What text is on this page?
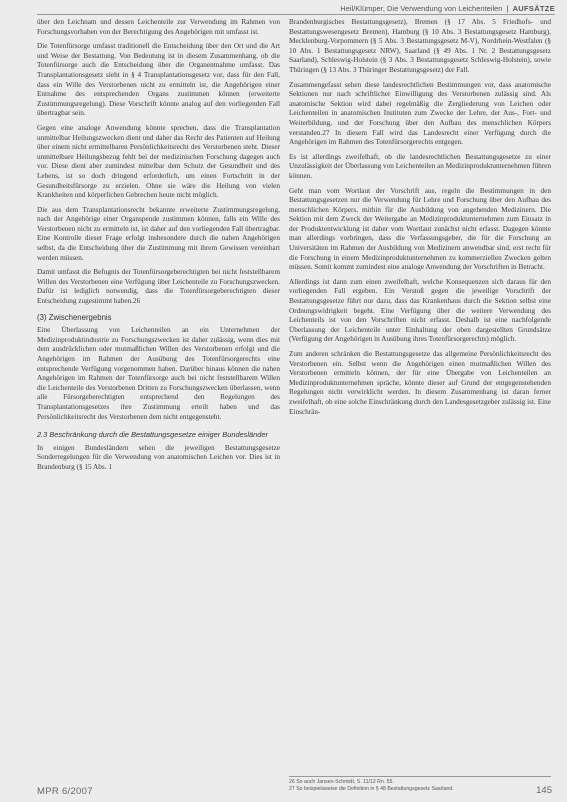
Heil/Klümper, Die Verwendung von Leichenteilen | AUFSÄTZE

über den Leichnam und dessen Leichenteile zur Verwendung im Rahmen von Forschungsvorhaben von der Berechtigung des Angehörigen mit umfasst ist.

Die Totenfürsorge umfasst traditionell die Entscheidung über den Ort und die Art und Weise der Bestattung. Von Bedeutung ist in diesem Zusammenhang, ob die Totenfürsorge auch die Entscheidung über die Organentnahme umfasst. Das Transplantationsgesetz sieht in § 4 Transplantationsgesetz vor, dass für den Fall, dass ein Wille des Verstorbenen nicht zu ermitteln ist, die Angehörigen einer Entnahme des entsprechenden Organs zustimmen können (erweiterte Zustimmungsregelung). Diese Vorschrift könnte analog auf den vorliegenden Fall übertragbar sein.

Gegen eine analoge Anwendung könnte sprechen, dass die Transplantation unmittelbar Heilungszwecken dient und daher das Recht des Patienten auf Heilung über einem nicht ermittelbaren Persönlichkeitsrecht des Verstorbenen steht. Dieser unmittelbare Heilungsbezug fehlt bei der medizinischen Forschung dagegen auch vor. Diese dient aber zumindest mittelbar dem Schutz der Gesundheit und des Lebens, ist so doch dringend erforderlich, um einen Fortschritt in der Gesundheitsfürsorge zu erzielen. Ohne sie wäre die Heilung von vielen Krankheiten und körperlichen Gebrechen heute nicht möglich.

Die aus dem Transplantationsrecht bekannte erweiterte Zustimmungsregelung, nach der Angehörige einer Organspende zustimmen können, falls ein Wille des Verstorbenen nicht zu ermitteln ist, ist daher auf den vorliegenden Fall übertragbar. Eine Kontrolle dieser Frage erfolgt insbesondere durch die nahen Angehörigen selbst, da die Entscheidung über die Zustimmung mit ihrem Gewissen vereinbart werden müssen.

Damit umfasst die Befugnis der Totenfürsorgeberechtigten bei nicht feststellbarem Willen des Verstorbenen eine Verfügung über Leichenteile zu Forschungszwecken. Dafür ist lediglich notwendig, dass die Totenfürsorgeberechtigten dieser Entscheidung zugestimmt haben.26

(3) Zwischenergebnis

Eine Überlassung von Leichenteilen an ein Unternehmen der Medizinproduktindustrie zu Forschungszwecken ist daher zulässig, wenn dies mit dem ausdrücklichen oder mutmaßlichen Willen des Verstorbenen erfolgt und die Angehörigen im Rahmen der Ausübung des Totenfürsorgerechts eine entsprechende Verfügung vorgenommen haben. Darüber hinaus können die nahen Angehörigen im Rahmen der Totenfürsorge auch bei nicht feststellbarem Willen die Leichenteile des Verstorbenen Dritten zu Forschungszwecken überlassen, wenn alle Fürsorgeberechtigten entsprechend den Regelungen des Transplantationsgesetzes ihre Zustimmung erteilt haben und das Persönlichkeitsrecht des Verstorbenen dem nicht entgegensteht.

2.3 Beschränkung durch die Bestattungsgesetze einiger Bundesländer

In einigen Bundesländern sehen die jeweiligen Bestattungsgesetze Sonderregelungen für die Verwendung von anatomischen Leichen vor. Dies ist in Brandenburg (§ 15 Abs. 1

Brandenburgisches Bestattungsgesetz), Bremen (§ 17 Abs. 5 Friedhofs- und Bestattungswesengesetz Bremen), Hamburg (§ 10 Abs. 3 Bestattungsgesetz Hamburg), Mecklenburg-Vorpommern (§ 5 Abs. 3 Bestattungsgesetz M-V), Nordrhein-Westfalen (§ 10 Abs. 1 Bestattungsgesetz NRW), Saarland (§ 49 Abs. 1 Nr. 2 Bestattungsgesetz Saarland), Schleswig-Holstein (§ 3 Abs. 3 Bestattungsgesetz Schleswig-Holstein), sowie Thüringen (§ 13 Abs. 3 Thüringer Bestattungsgesetz) der Fall.

Zusammengefasst sehen diese landesrechtlichen Bestimmungen vor, dass anatomische Sektionen nur nach schriftlicher Einwilligung des Verstorbenen zulässig sind. Als anatomische Sektion wird dabei regelmäßig die Zergliederung von Leichen oder Leichenteilen in anatomischen Instituten zum Zwecke der Lehre, der Aus-, Fort- und Weiterbildung, und der Forschung über den Aufbau des menschlichen Körpers verstanden.27 In diesem Fall wird das Landesrecht einer Verfügung durch die Angehörigen im Rahmen des Totenfürsorgerechts entgegen.

Es ist allerdings zweifelhaft, ob die landesrechtlichen Bestattungsgesetze zu einer Unzulässigkeit der Überlassung von Leichenteilen an Medizinproduktunternehmen führen können.

Geht man vom Wortlaut der Vorschrift aus, regeln die Bestimmungen in den Bestattungsgesetzen nur die Verwendung für Lehre und Forschung über den Aufbau des menschlichen Körpers, mithin für die Ausbildung von angehenden Medizinern. Die Sektion mit dem Zweck der Weitergabe an Medizinproduktunternehmen zum Einsatz in der Produktentwicklung ist daher vom Wortlaut zunächst nicht erfasst. Dagegen könnte man allerdings vorbringen, dass die Verfassungsgeber, die für die Forschung an Universitäten im Rahmen der Ausbildung von Medizinern anwendbar sind, erst recht für die Forschung in einem Medizinproduktunternehmen zu kommerziellen Zwecken gelten müssen. Somit kommt zumindest eine analoge Anwendung der Vorschriften in Betracht.

Allerdings ist dann zum einen zweifelhaft, welche Konsequenzen sich daraus für den vorliegenden Fall ergeben. Ein Verstoß gegen die jeweilige Vorschrift der Bestattungsgesetze führt nur dazu, dass das Krankenhaus durch die Sektion selbst eine Ordnungswidrigkeit begeht. Eine Verfügung über die weitere Verwendung des Leichenteils ist von den Vorschriften nicht erfasst. Deshalb ist eine nachfolgende Überlassung der Leichenteile unter Einhaltung der oben dargestellten Grundsätze (Verfügung der Angehörigen in Ausübung ihres Totenfürsorgerechts) möglich.

Zum anderen schränken die Bestattungsgesetze das allgemeine Persönlichkeitsrecht des Verstorbenen ein. Selbst wenn die Angehörigen einen mutmaßlichen Willen des Verstorbenen ermitteln können, der für eine Übergabe von Leichenteilen an Medizinproduktunternehmen spräche, könnte dieser auf Grund der entgegenstehenden Regelungen nicht verwirklicht werden. In diesem Zusammenhang ist daran ferner zweifelhaft, ob eine solche Einschränkung durch den Landesgesetzgeber zulässig ist. Eine Einschrän-

26 So auch Jansen-Schmidt, S. 11/12 Rn. 55.
27 So beispielsweise die Definition in § 48 Bestattungsgesetz Saarland.
MPR 6/2007	145
